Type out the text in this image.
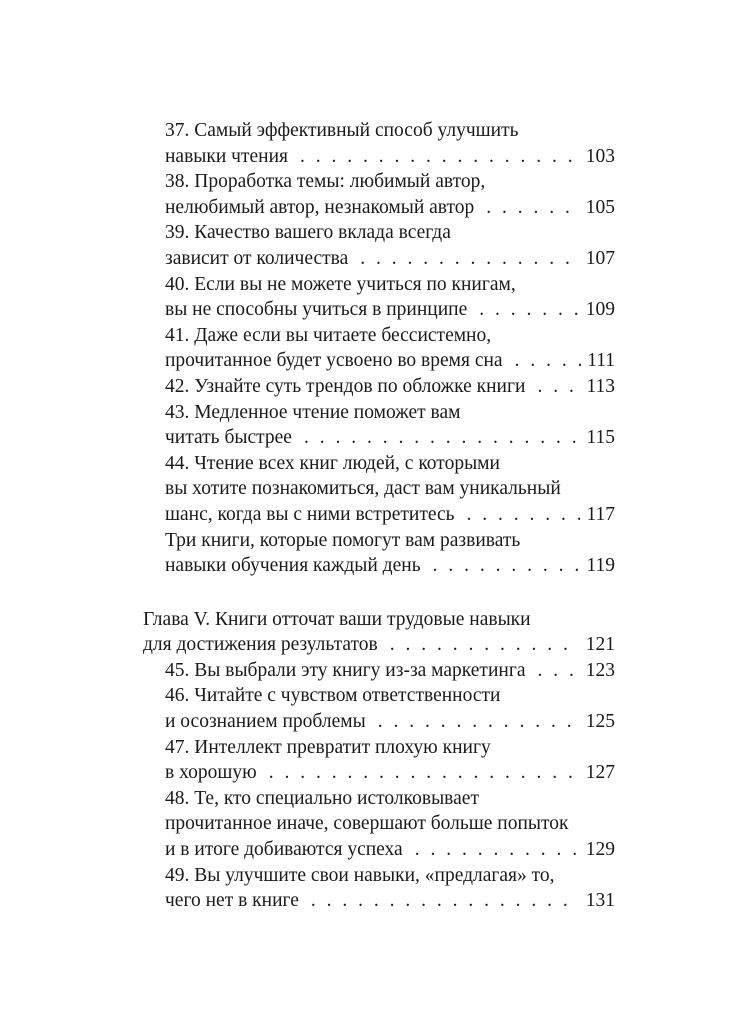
37. Самый эффективный способ улучшить
навыки чтения . . .	103
38. Проработка темы: любимый автор,
нелюбимый автор, незнакомый автор . . .	105
39. Качество вашего вклада всегда
зависит от количества . . .	107
40. Если вы не можете учиться по книгам,
вы не способны учиться в принципе . . .	109
41. Даже если вы читаете бессистемно,
прочитанное будет усвоено во время сна . . .	111
42. Узнайте суть трендов по обложке книги . . .	113
43. Медленное чтение поможет вам
читать быстрее . . .	115
44. Чтение всех книг людей, с которыми
вы хотите познакомиться, даст вам уникальный
шанс, когда вы с ними встретитесь . . .	117
Три книги, которые помогут вам развивать
навыки обучения каждый день . . .	119
Глава V. Книги отточат ваши трудовые навыки
для достижения результатов . . .	121
45. Вы выбрали эту книгу из-за маркетинга . . .	123
46. Читайте с чувством ответственности
и осознанием проблемы . . .	125
47. Интеллект превратит плохую книгу
в хорошую . . .	127
48. Те, кто специально истолковывает
прочитанное иначе, совершают больше попыток
и в итоге добиваются успеха . . .	129
49. Вы улучшите свои навыки, «предлагая» то,
чего нет в книге . . .	131
